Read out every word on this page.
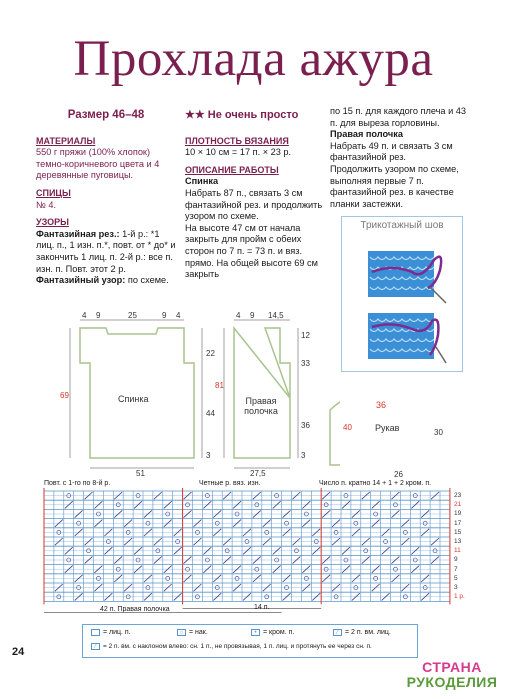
Прохлада ажура
Размер 46–48
МАТЕРИАЛЫ

550 г пряжи (100% хлопок) темно-коричневого цвета и 4 деревянные пуговицы.

СПИЦЫ

№ 4.

УЗОРЫ

Фантазийная рез.: 1-й р.: *1 лиц. п., 1 изн. п.*, повт. от * до* и закончить 1 лиц. п. 2-й р.: все п. изн. п. Повт. этот 2 р.

Фантазийный узор: по схеме.

★★ Не очень просто
ПЛОТНОСТЬ ВЯЗАНИЯ

10 × 10 см = 17 п. × 23 р.

ОПИСАНИЕ РАБОТЫ
Спинка

Набрать 87 п., связать 3 см фантазийной рез. и продолжить узором по схеме.

На высоте 47 см от начала закрыть для пройм с обеих сторон по 7 п. = 73 п. и вяз. прямо. На общей высоте 69 см закрыть

по 15 п. для каждого плеча и 43 п. для выреза горловины.

Правая полочка

Набрать 49 п. и связать 3 см фантазийной рез.

Продолжить узором по схеме, выполняя первые 7 п. фантазийной рез. в качестве планки застежки.

Трикотажный шов
4 9	25	9 4
22
44
3
69
51
Спинка
4 9 14,5
12
33
36
3
81
27,5
Правая полочка
36
40
30
Рукав
26
Повт. с 1-го по 8-й р.	Четные р. вяз. изн.	Число п. кратно 14 + 1 + 2 кром. п.
23
21
19
17
15
13
11
9
7
5
3
1 р.
14 п.
42 п. Правая полочка
= лиц. п.	○ = нак.	• = кром. п.	⁄	= 2 п. вм. лиц.
⁄	= 2 п. вм. с наклоном влево: сн. 1 п., не провязывая, 1 п. лиц. и протянуть ее через сн. п.
24
СТРАНА
РУКОДЕЛИЯ
